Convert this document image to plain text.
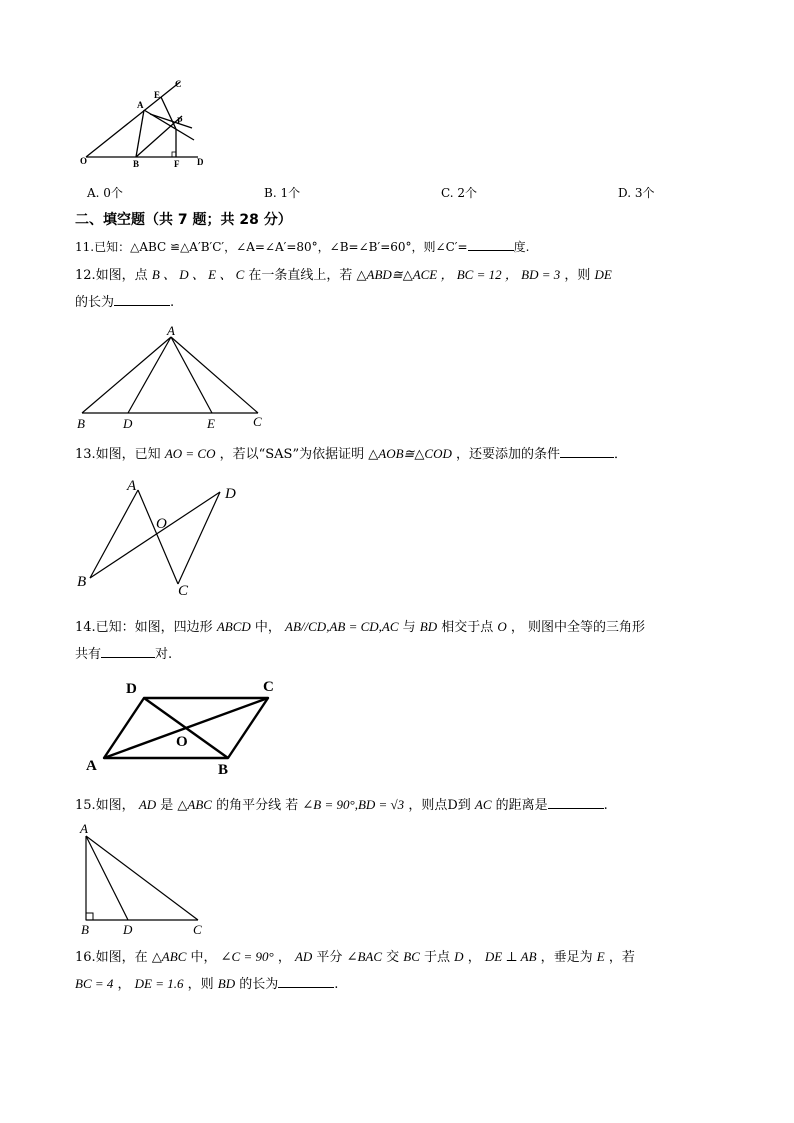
C
A
E
P
O	B	F D
A. 0个	B. 1个	C. 2个	D. 3个
二、填空题（共 7 题；共 28 分）
11.已知：△ABC ≌△A′B′C′，∠A=∠A′=80°，∠B=∠B′=60°，则∠C′=	度.
12.如图，点 B 、 D 、 E 、 C 在一条直线上，若 △ABD≅△ACE ， BC = 12 ， BD = 3 ，则 DE
的长为	.
A
B	D	E	C
13.如图，已知 AO = CO ，若以“SAS”为依据证明 △AOB≅△COD ，还要添加的条件	．
A	D
O
B
C
14.已知：如图，四边形 ABCD 中， AB//CD,AB = CD,AC 与 BD 相交于点 O ， 则图中全等的三角形
共有	对.
D	C
O
A	B
15.如图， AD 是 △ABC 的角平分线 若 ∠B = 90°,BD = √3 ，则点D到 AC 的距离是	.
A
B	D	C
16.如图，在 △ABC 中， ∠C = 90° ， AD 平分 ∠BAC 交 BC 于点 D ， DE ⊥ AB ，垂足为 E ，若
BC = 4 ， DE = 1.6 ，则 BD 的长为	.
